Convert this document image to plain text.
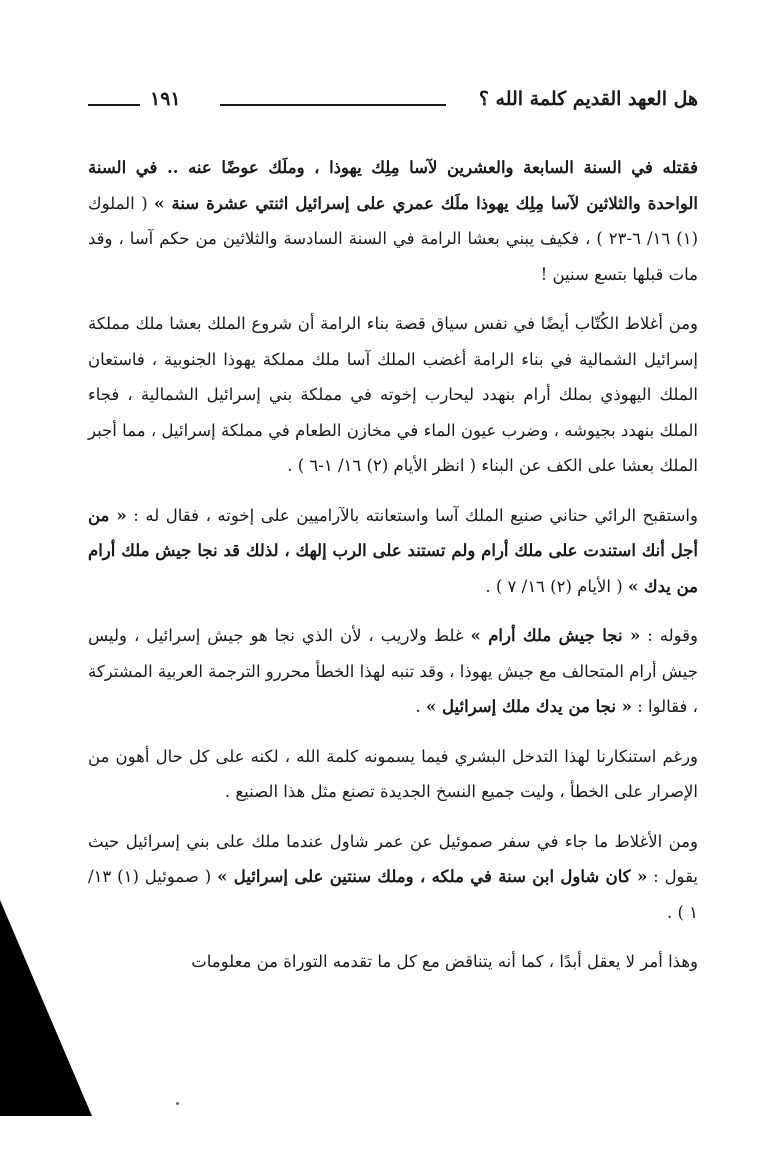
هل العهد القديم كلمة الله ؟
١٩١

فقتله في السنة السابعة والعشرين لآسا مِلِك يهوذا ، وملَك عوضًا عنه .. في السنة الواحدة والثلاثين لآسا مِلِك يهوذا ملَك عمري على إسرائيل اثنتي عشرة سنة » ( الملوك (١) ١٦/ ٦-٢٣ ) ، فكيف يبني بعشا الرامة في السنة السادسة والثلاثين من حكم آسا ، وقد مات قبلها بتسع سنين !

ومن أغلاط الكُتّاب أيضًا في نفس سياق قصة بناء الرامة أن شروع الملك بعشا ملك مملكة إسرائيل الشمالية في بناء الرامة أغضب الملك آسا ملك مملكة يهوذا الجنوبية ، فاستعان الملك اليهوذي بملك أرام بنهدد ليحارب إخوته في مملكة بني إسرائيل الشمالية ، فجاء الملك بنهدد بجيوشه ، وضرب عيون الماء في مخازن الطعام في مملكة إسرائيل ، مما أجبر الملك بعشا على الكف عن البناء ( انظر الأيام (٢) ١٦/ ١-٦ ) .

واستقبح الرائي حناني صنيع الملك آسا واستعانته بالآراميين على إخوته ، فقال له : « من أجل أنك استندت على ملك أرام ولم تستند على الرب إلهك ، لذلك قد نجا جيش ملك أرام من يدك » ( الأيام (٢) ١٦/ ٧ ) .

وقوله : « نجا جيش ملك أرام » غلط ولاريب ، لأن الذي نجا هو جيش إسرائيل ، وليس جيش أرام المتحالف مع جيش يهوذا ، وقد تنبه لهذا الخطأ محررو الترجمة العربية المشتركة ، فقالوا : « نجا من يدك ملك إسرائيل » .

ورغم استنكارنا لهذا التدخل البشري فيما يسمونه كلمة الله ، لكنه على كل حال أهون من الإصرار على الخطأ ، وليت جميع النسخ الجديدة تصنع مثل هذا الصنيع .

ومن الأغلاط ما جاء في سفر صموئيل عن عمر شاول عندما ملك على بني إسرائيل حيث يقول : « كان شاول ابن سنة في ملكه ، وملك سنتين على إسرائيل » ( صموئيل (١) ١٣/ ١ ) .

وهذا أمر لا يعقل أبدًا ، كما أنه يتناقض مع كل ما تقدمه التوراة من معلومات
